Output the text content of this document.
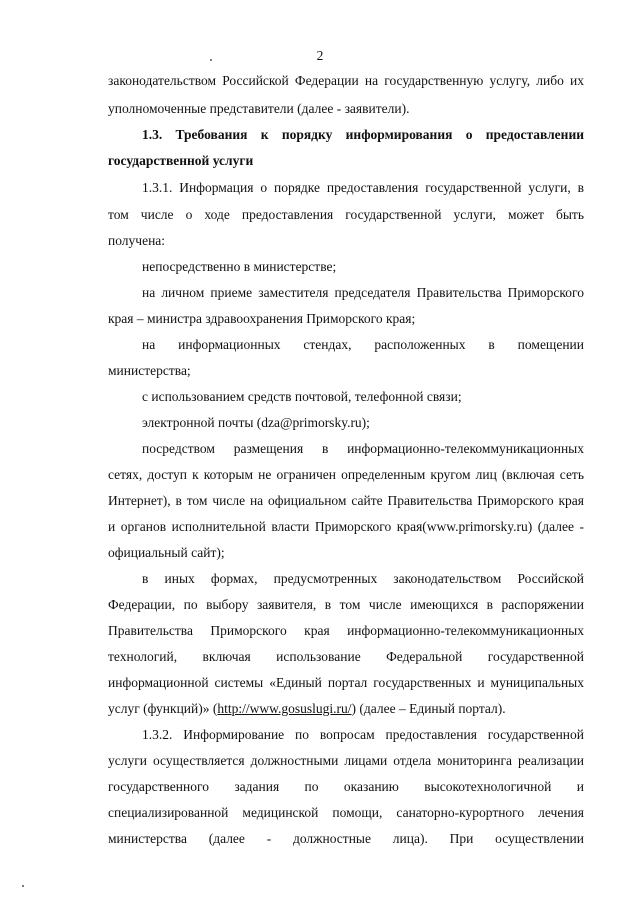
2
законодательством Российской Федерации на государственную услугу, либо их
уполномоченные представители (далее - заявители).
1.3. Требования к порядку информирования о предоставлении
государственной услуги
1.3.1. Информация о порядке предоставления государственной услуги, в
том числе о ходе предоставления государственной услуги, может быть
получена:
непосредственно в министерстве;
на личном приеме заместителя председателя Правительства Приморского
края – министра здравоохранения Приморского края;
на информационных стендах, расположенных в помещении
министерства;
с использованием средств почтовой, телефонной связи;
электронной почты (dza@primorsky.ru);
посредством размещения в информационно-телекоммуникационных
сетях, доступ к которым не ограничен определенным кругом лиц (включая сеть
Интернет), в том числе на официальном сайте Правительства Приморского края
и органов исполнительной власти Приморского края(www.primorsky.ru) (далее -
официальный сайт);
в иных формах, предусмотренных законодательством Российской
Федерации, по выбору заявителя, в том числе имеющихся в распоряжении
Правительства Приморского края информационно-телекоммуникационных
технологий, включая использование Федеральной государственной
информационной системы «Единый портал государственных и муниципальных
услуг (функций)» (http://www.gosuslugi.ru/) (далее – Единый портал).
1.3.2. Информирование по вопросам предоставления государственной
услуги осуществляется должностными лицами отдела мониторинга реализации
государственного задания по оказанию высокотехнологичной и
специализированной медицинской помощи, санаторно-курортного лечения
министерства (далее - должностные лица). При осуществлении
